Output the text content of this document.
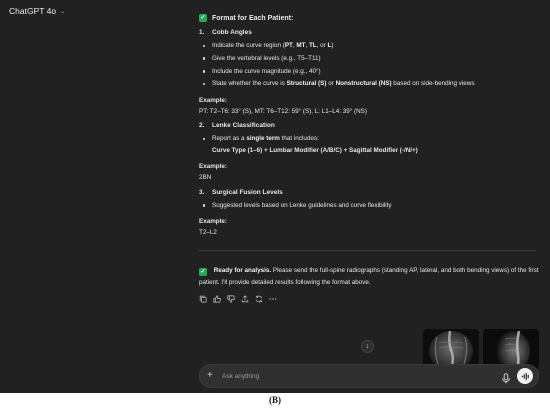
ChatGPT 4o ⌄
✓ Format for Each Patient:
1.	Cobb Angles
Indicate the curve region (PT, MT, TL, or L)
Give the vertebral levels (e.g., T5–T11)
Include the curve magnitude (e.g., 40°)
State whether the curve is Structural (S) or Nonstructural (NS) based on side-bending views
Example:
PT: T2–T6: 33° (S), MT: T6–T12: 59° (S), L: L1–L4: 39° (NS)
2.	Lenke Classification
Report as a single term that includes:
Curve Type (1–6) + Lumbar Modifier (A/B/C) + Sagittal Modifier (-/N/+)
Example:
2BN
3.	Surgical Fusion Levels
Suggested levels based on Lenke guidelines and curve flexibility
Example:
T2–L2
✓ Ready for analysis. Please send the full-spine radiographs (standing AP, lateral, and both bending views) of the first patient. I'll provide detailed results following the format above.
↓
+
Ask anything
(B)
